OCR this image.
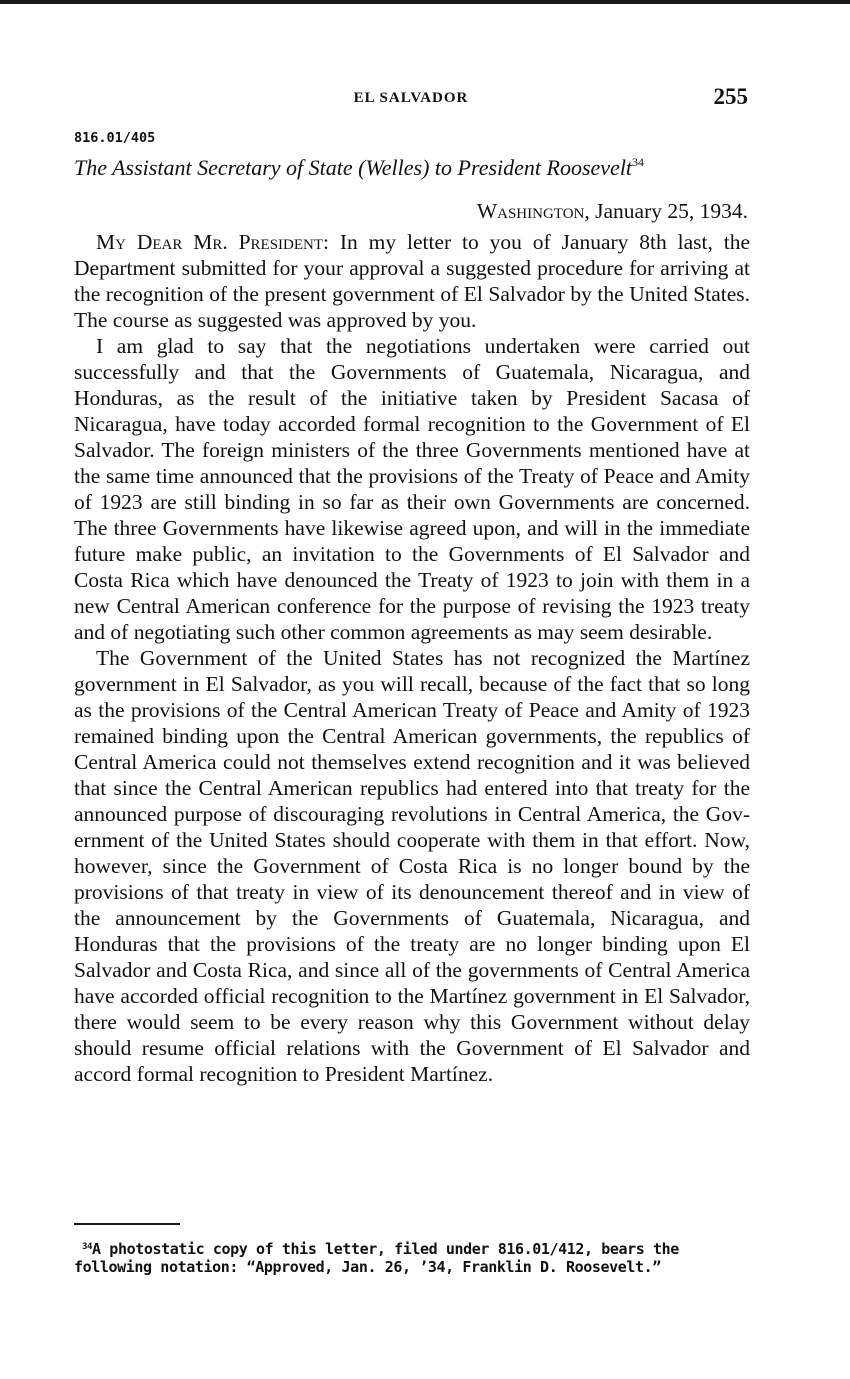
EL SALVADOR	255
816.01/405
The Assistant Secretary of State (Welles) to President Roosevelt$^{34}$
Washington, January 25, 1934.

My Dear Mr. President: In my letter to you of January 8th last, the Department submitted for your approval a suggested procedure for arriving at the recognition of the present government of El Salvador by the United States. The course as suggested was approved by you.

I am glad to say that the negotiations undertaken were carried out successfully and that the Governments of Guatemala, Nicaragua, and Honduras, as the result of the initiative taken by President Sacasa of Nicaragua, have today accorded formal recognition to the Government of El Salvador. The foreign ministers of the three Governments mentioned have at the same time announced that the provisions of the Treaty of Peace and Amity of 1923 are still binding in so far as their own Governments are concerned. The three Governments have likewise agreed upon, and will in the immediate future make public, an invitation to the Governments of El Salvador and Costa Rica which have denounced the Treaty of 1923 to join with them in a new Central American conference for the purpose of revising the 1923 treaty and of negotiating such other common agreements as may seem desirable.

The Government of the United States has not recognized the Martínez government in El Salvador, as you will recall, because of the fact that so long as the provisions of the Central American Treaty of Peace and Amity of 1923 remained binding upon the Central American governments, the republics of Central America could not themselves extend recognition and it was believed that since the Central American republics had entered into that treaty for the announced purpose of discouraging revolutions in Central America, the Government of the United States should cooperate with them in that effort. Now, however, since the Government of Costa Rica is no longer bound by the provisions of that treaty in view of its denouncement thereof and in view of the announcement by the Governments of Guatemala, Nicaragua, and Honduras that the provisions of the treaty are no longer binding upon El Salvador and Costa Rica, and since all of the governments of Central America have accorded official recognition to the Martínez government in El Salvador, there would seem to be every reason why this Government without delay should resume official relations with the Government of El Salvador and accord formal recognition to President Martínez.

$^{34}$A photostatic copy of this letter, filed under 816.01/412, bears the following notation: “Approved, Jan. 26, ’34, Franklin D. Roosevelt.”
